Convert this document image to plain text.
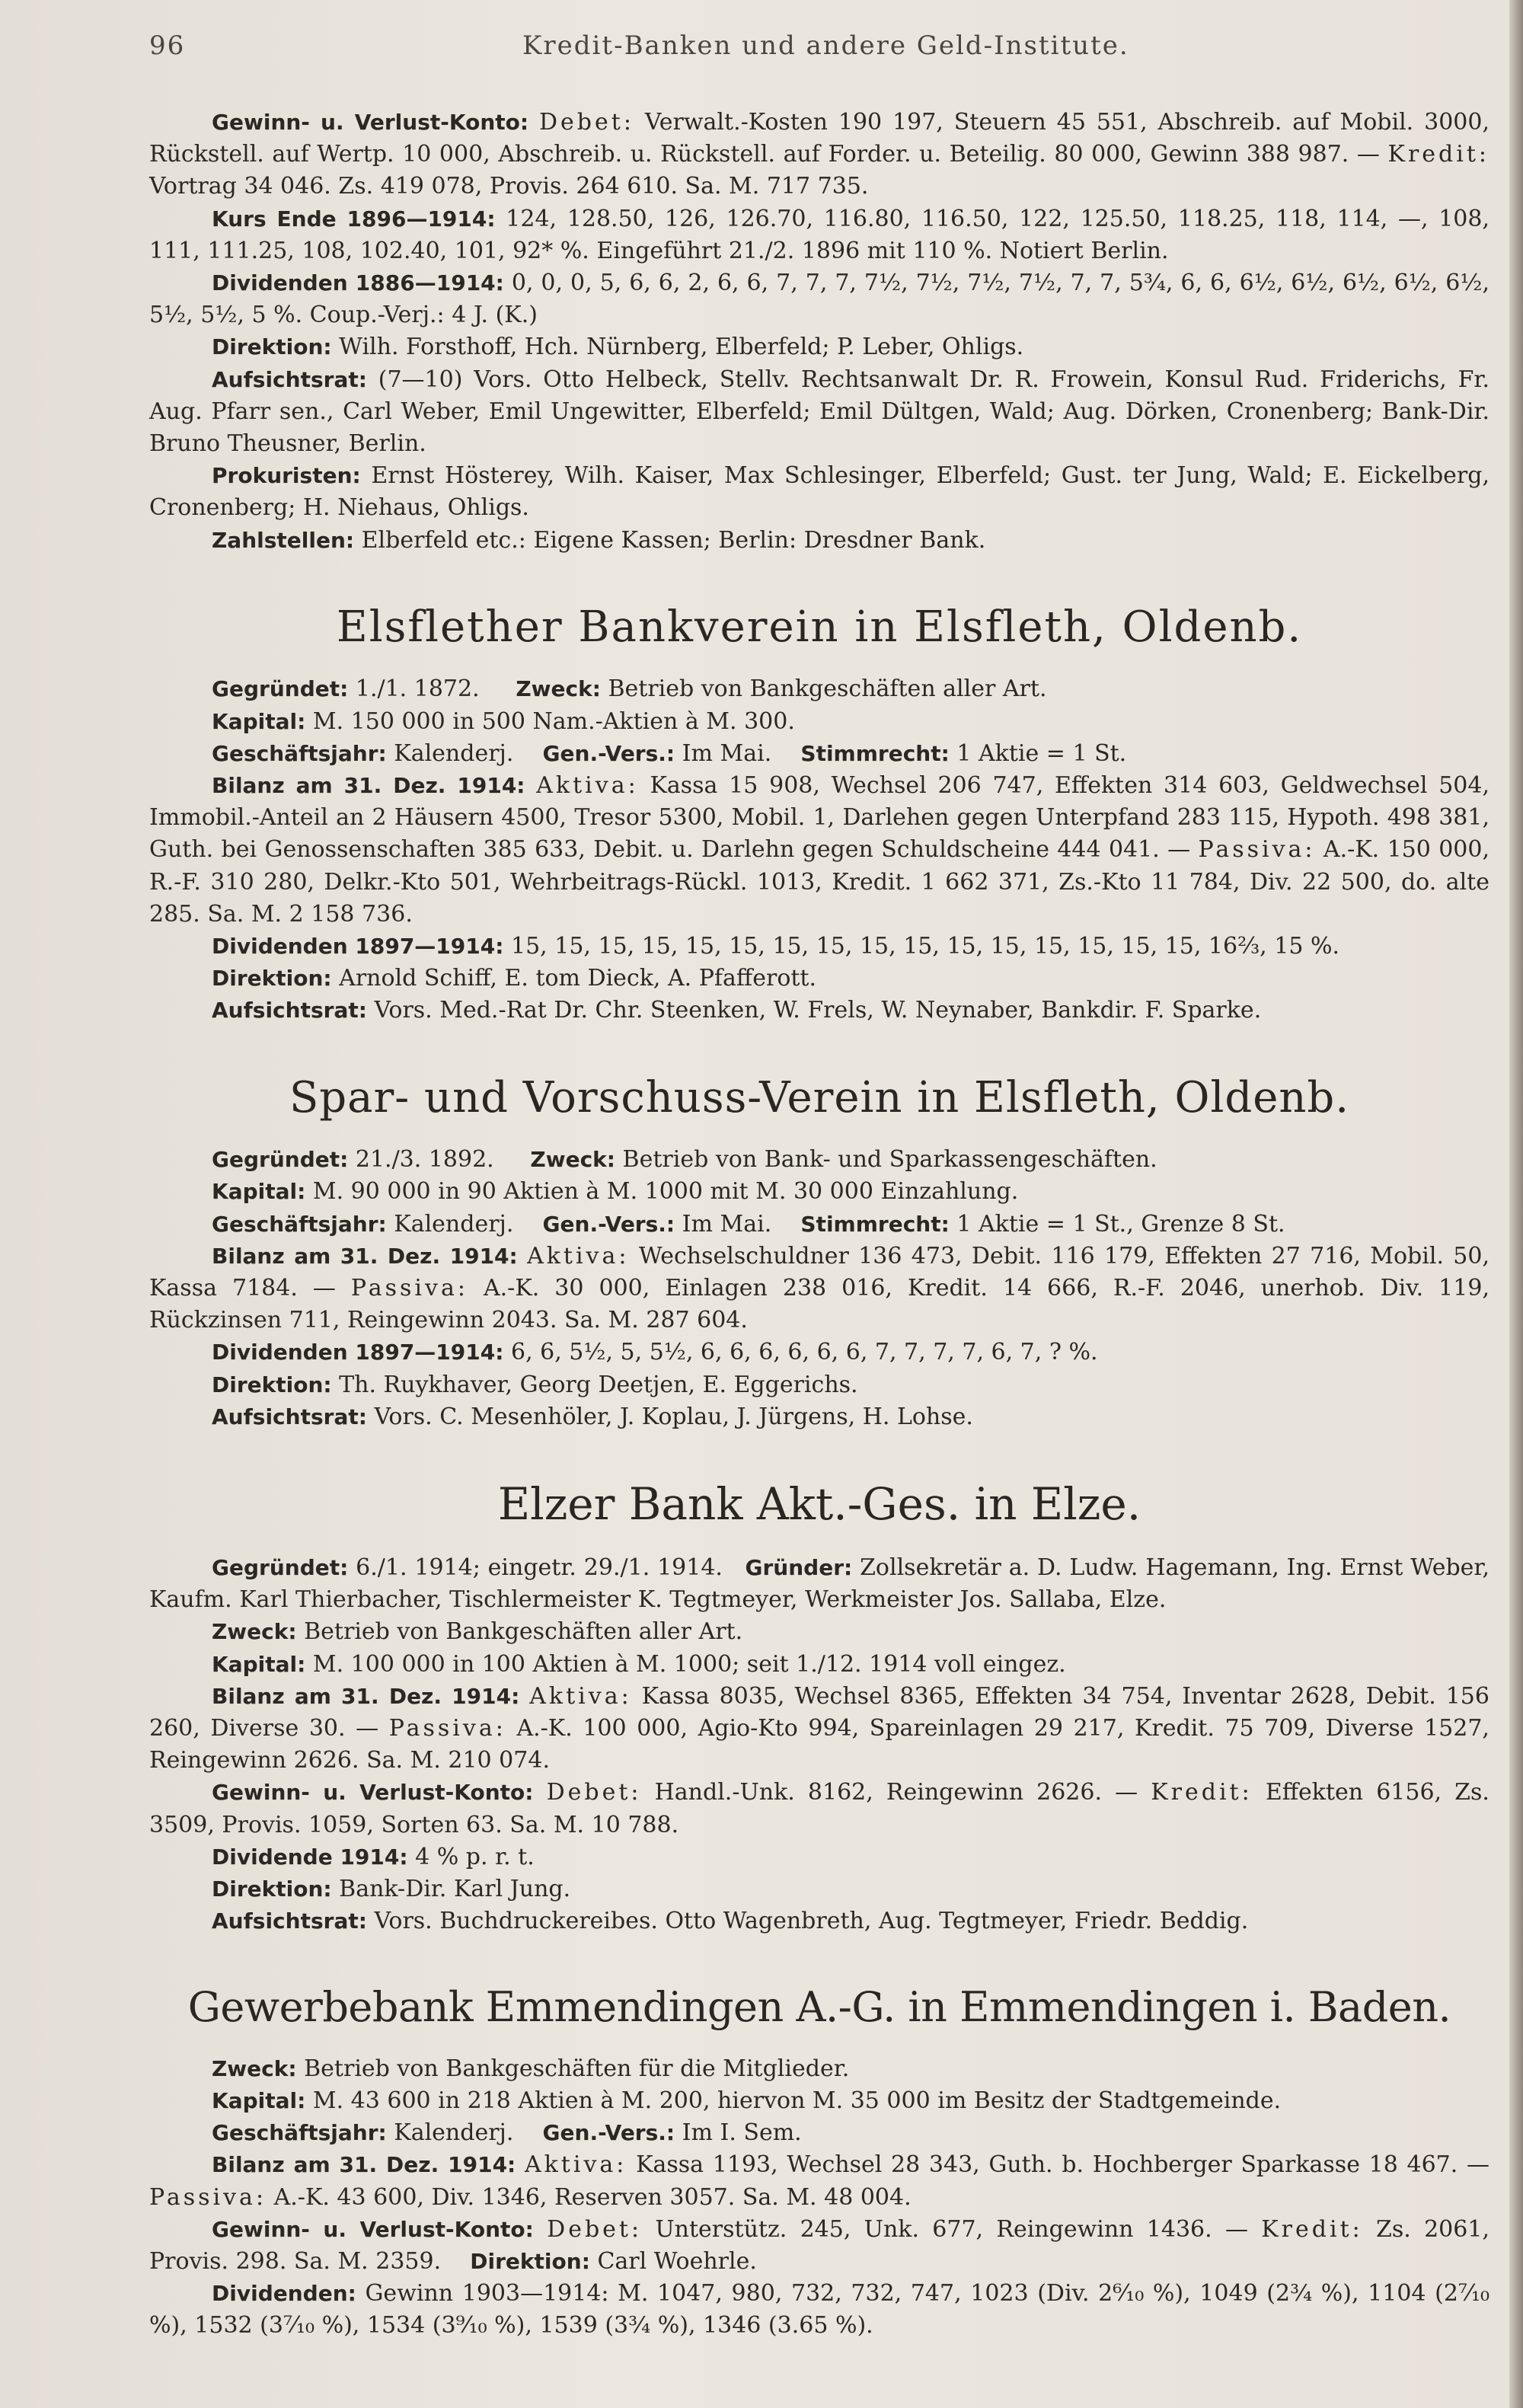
96	Kredit-Banken und andere Geld-Institute.

Gewinn- u. Verlust-Konto: Debet: Verwalt.-Kosten 190 197, Steuern 45 551, Abschreib. auf Mobil. 3000, Rückstell. auf Wertp. 10 000, Abschreib. u. Rückstell. auf Forder. u. Beteilig. 80 000, Gewinn 388 987. — Kredit: Vortrag 34 046. Zs. 419 078, Provis. 264 610. Sa. M. 717 735.

Kurs Ende 1896—1914: 124, 128.50, 126, 126.70, 116.80, 116.50, 122, 125.50, 118.25, 118, 114, —, 108, 111, 111.25, 108, 102.40, 101, 92* %. Eingeführt 21./2. 1896 mit 110 %. Notiert Berlin.

Dividenden 1886—1914: 0, 0, 0, 5, 6, 6, 2, 6, 6, 7, 7, 7, 7½, 7½, 7½, 7½, 7, 7, 5¾, 6, 6, 6½, 6½, 6½, 6½, 6½, 5½, 5½, 5 %. Coup.-Verj.: 4 J. (K.)

Direktion: Wilh. Forsthoff, Hch. Nürnberg, Elberfeld; P. Leber, Ohligs.

Aufsichtsrat: (7—10) Vors. Otto Helbeck, Stellv. Rechtsanwalt Dr. R. Frowein, Konsul Rud. Friderichs, Fr. Aug. Pfarr sen., Carl Weber, Emil Ungewitter, Elberfeld; Emil Dültgen, Wald; Aug. Dörken, Cronenberg; Bank-Dir. Bruno Theusner, Berlin.

Prokuristen: Ernst Hösterey, Wilh. Kaiser, Max Schlesinger, Elberfeld; Gust. ter Jung, Wald; E. Eickelberg, Cronenberg; H. Niehaus, Ohligs.

Zahlstellen: Elberfeld etc.: Eigene Kassen; Berlin: Dresdner Bank.

Elsflether Bankverein in Elsfleth, Oldenb.

Gegründet: 1./1. 1872. Zweck: Betrieb von Bankgeschäften aller Art.

Kapital: M. 150 000 in 500 Nam.-Aktien à M. 300.

Geschäftsjahr: Kalenderj. Gen.-Vers.: Im Mai. Stimmrecht: 1 Aktie = 1 St.

Bilanz am 31. Dez. 1914: Aktiva: Kassa 15 908, Wechsel 206 747, Effekten 314 603, Geldwechsel 504, Immobil.-Anteil an 2 Häusern 4500, Tresor 5300, Mobil. 1, Darlehen gegen Unterpfand 283 115, Hypoth. 498 381, Guth. bei Genossenschaften 385 633, Debit. u. Darlehn gegen Schuldscheine 444 041. — Passiva: A.-K. 150 000, R.-F. 310 280, Delkr.-Kto 501, Wehrbeitrags-Rückl. 1013, Kredit. 1 662 371, Zs.-Kto 11 784, Div. 22 500, do. alte 285. Sa. M. 2 158 736.

Dividenden 1897—1914: 15, 15, 15, 15, 15, 15, 15, 15, 15, 15, 15, 15, 15, 15, 15, 15, 16⅔, 15 %.

Direktion: Arnold Schiff, E. tom Dieck, A. Pfafferott.

Aufsichtsrat: Vors. Med.-Rat Dr. Chr. Steenken, W. Frels, W. Neynaber, Bankdir. F. Sparke.

Spar- und Vorschuss-Verein in Elsfleth, Oldenb.

Gegründet: 21./3. 1892. Zweck: Betrieb von Bank- und Sparkassengeschäften.

Kapital: M. 90 000 in 90 Aktien à M. 1000 mit M. 30 000 Einzahlung.

Geschäftsjahr: Kalenderj. Gen.-Vers.: Im Mai. Stimmrecht: 1 Aktie = 1 St., Grenze 8 St.

Bilanz am 31. Dez. 1914: Aktiva: Wechselschuldner 136 473, Debit. 116 179, Effekten 27 716, Mobil. 50, Kassa 7184. — Passiva: A.-K. 30 000, Einlagen 238 016, Kredit. 14 666, R.-F. 2046, unerhob. Div. 119, Rückzinsen 711, Reingewinn 2043. Sa. M. 287 604.

Dividenden 1897—1914: 6, 6, 5½, 5, 5½, 6, 6, 6, 6, 6, 6, 7, 7, 7, 7, 6, 7, ? %.

Direktion: Th. Ruykhaver, Georg Deetjen, E. Eggerichs.

Aufsichtsrat: Vors. C. Mesenhöler, J. Koplau, J. Jürgens, H. Lohse.

Elzer Bank Akt.-Ges. in Elze.

Gegründet: 6./1. 1914; eingetr. 29./1. 1914. Gründer: Zollsekretär a. D. Ludw. Hagemann, Ing. Ernst Weber, Kaufm. Karl Thierbacher, Tischlermeister K. Tegtmeyer, Werkmeister Jos. Sallaba, Elze.

Zweck: Betrieb von Bankgeschäften aller Art.

Kapital: M. 100 000 in 100 Aktien à M. 1000; seit 1./12. 1914 voll eingez.

Bilanz am 31. Dez. 1914: Aktiva: Kassa 8035, Wechsel 8365, Effekten 34 754, Inventar 2628, Debit. 156 260, Diverse 30. — Passiva: A.-K. 100 000, Agio-Kto 994, Spareinlagen 29 217, Kredit. 75 709, Diverse 1527, Reingewinn 2626. Sa. M. 210 074.

Gewinn- u. Verlust-Konto: Debet: Handl.-Unk. 8162, Reingewinn 2626. — Kredit: Effekten 6156, Zs. 3509, Provis. 1059, Sorten 63. Sa. M. 10 788.

Dividende 1914: 4 % p. r. t.

Direktion: Bank-Dir. Karl Jung.

Aufsichtsrat: Vors. Buchdruckereibes. Otto Wagenbreth, Aug. Tegtmeyer, Friedr. Beddig.

Gewerbebank Emmendingen A.-G. in Emmendingen i. Baden.

Zweck: Betrieb von Bankgeschäften für die Mitglieder.

Kapital: M. 43 600 in 218 Aktien à M. 200, hiervon M. 35 000 im Besitz der Stadtgemeinde.

Geschäftsjahr: Kalenderj. Gen.-Vers.: Im I. Sem.

Bilanz am 31. Dez. 1914: Aktiva: Kassa 1193, Wechsel 28 343, Guth. b. Hochberger Sparkasse 18 467. — Passiva: A.-K. 43 600, Div. 1346, Reserven 3057. Sa. M. 48 004.

Gewinn- u. Verlust-Konto: Debet: Unterstütz. 245, Unk. 677, Reingewinn 1436. — Kredit: Zs. 2061, Provis. 298. Sa. M. 2359. Direktion: Carl Woehrle.

Dividenden: Gewinn 1903—1914: M. 1047, 980, 732, 732, 747, 1023 (Div. 2⁶⁄₁₀ %), 1049 (2¾ %), 1104 (2⁷⁄₁₀ %), 1532 (3⁷⁄₁₀ %), 1534 (3⁹⁄₁₀ %), 1539 (3¾ %), 1346 (3.65 %).
